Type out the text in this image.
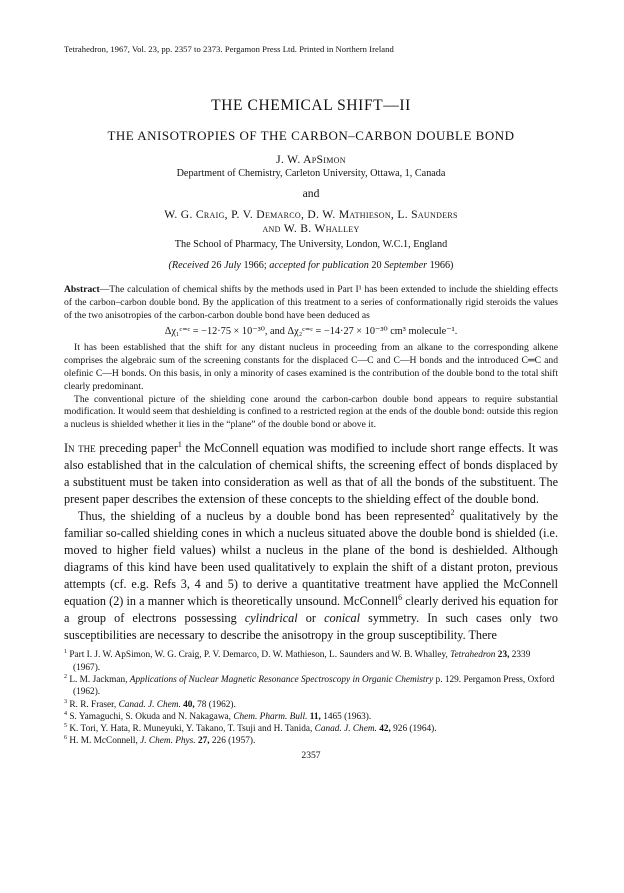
Tetrahedron, 1967, Vol. 23, pp. 2357 to 2373. Pergamon Press Ltd. Printed in Northern Ireland
THE CHEMICAL SHIFT—II
THE ANISOTROPIES OF THE CARBON–CARBON DOUBLE BOND
J. W. ApSimon
Department of Chemistry, Carleton University, Ottawa, 1, Canada
and
W. G. Craig, P. V. Demarco, D. W. Mathieson, L. Saunders
and W. B. Whalley
The School of Pharmacy, The University, London, W.C.1, England
(Received 26 July 1966; accepted for publication 20 September 1966)

Abstract—The calculation of chemical shifts by the methods used in Part I¹ has been extended to include the shielding effects of the carbon–carbon double bond. By the application of this treatment to a series of conformationally rigid steroids the values of the two anisotropies of the carbon-carbon double bond have been deduced as

Δχ₁ᶜ⁼ᶜ = −12·75 × 10⁻³⁰, and Δχ₂ᶜ⁼ᶜ = −14·27 × 10⁻³⁰ cm³ molecule⁻¹.

It has been established that the shift for any distant nucleus in proceeding from an alkane to the corresponding alkene comprises the algebraic sum of the screening constants for the displaced C—C and C—H bonds and the introduced C═C and olefinic C—H bonds. On this basis, in only a minority of cases examined is the contribution of the double bond to the total shift clearly predominant.

The conventional picture of the shielding cone around the carbon-carbon double bond appears to require substantial modification. It would seem that deshielding is confined to a restricted region at the ends of the double bond: outside this region a nucleus is shielded whether it lies in the “plane” of the double bond or above it.

In the preceding paper$^1$ the McConnell equation was modified to include short range effects. It was also established that in the calculation of chemical shifts, the screening effect of bonds displaced by a substituent must be taken into consideration as well as that of all the bonds of the substituent. The present paper describes the extension of these concepts to the shielding effect of the double bond.

Thus, the shielding of a nucleus by a double bond has been represented$^2$ qualitatively by the familiar so-called shielding cones in which a nucleus situated above the double bond is shielded (i.e. moved to higher field values) whilst a nucleus in the plane of the bond is deshielded. Although diagrams of this kind have been used qualitatively to explain the shift of a distant proton, previous attempts (cf. e.g. Refs 3, 4 and 5) to derive a quantitative treatment have applied the McConnell equation (2) in a manner which is theoretically unsound. McConnell$^6$ clearly derived his equation for a group of electrons possessing cylindrical or conical symmetry. In such cases only two susceptibilities are necessary to describe the anisotropy in the group susceptibility. There

$^1$ Part I. J. W. ApSimon, W. G. Craig, P. V. Demarco, D. W. Mathieson, L. Saunders and W. B. Whalley, Tetrahedron 23, 2339 (1967).

$^2$ L. M. Jackman, Applications of Nuclear Magnetic Resonance Spectroscopy in Organic Chemistry p. 129. Pergamon Press, Oxford (1962).

$^3$ R. R. Fraser, Canad. J. Chem. 40, 78 (1962).

$^4$ S. Yamaguchi, S. Okuda and N. Nakagawa, Chem. Pharm. Bull. 11, 1465 (1963).

$^5$ K. Tori, Y. Hata, R. Muneyuki, Y. Takano, T. Tsuji and H. Tanida, Canad. J. Chem. 42, 926 (1964).

$^6$ H. M. McConnell, J. Chem. Phys. 27, 226 (1957).

2357
